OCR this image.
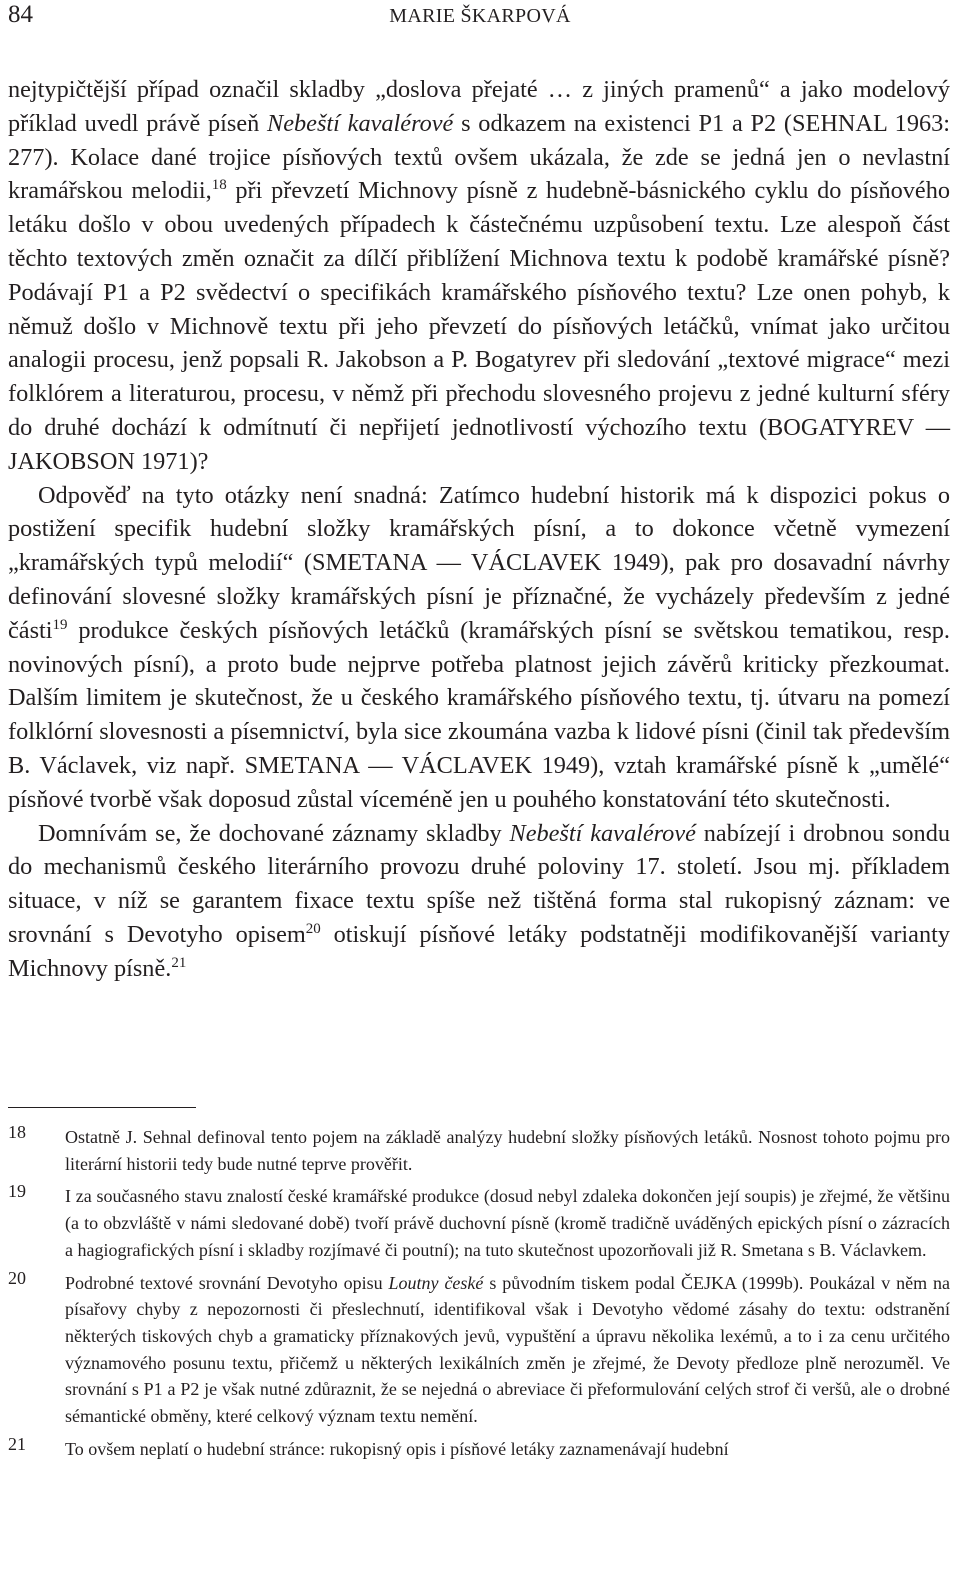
84	MARIE ŠKARPOVÁ

nejtypičtější případ označil skladby „doslova přejaté … z jiných pramenů“ a jako modelový příklad uvedl právě píseň Nebeští kavalérové s odkazem na existenci P1 a P2 (SEHNAL 1963: 277). Kolace dané trojice písňových textů ovšem ukázala, že zde se jedná jen o nevlastní kramářskou melodii,$^{18}$ při převzetí Michnovy písně z hudebně-básnického cyklu do písňového letáku došlo v obou uvedených případech k částečnému uzpůsobení textu. Lze alespoň část těchto textových změn označit za dílčí přiblížení Michnova textu k podobě kramářské písně? Podávají P1 a P2 svědectví o specifikách kramářského písňového textu? Lze onen pohyb, k němuž došlo v Michnově textu při jeho převzetí do písňových letáčků, vnímat jako určitou analogii procesu, jenž popsali R. Jakobson a P. Bogatyrev při sledování „textové migrace“ mezi folklórem a literaturou, procesu, v němž při přechodu slovesného projevu z jedné kulturní sféry do druhé dochází k odmítnutí či nepřijetí jednotlivostí výchozího textu (BOGATYREV — JAKOBSON 1971)?

Odpověď na tyto otázky není snadná: Zatímco hudební historik má k dispozici pokus o postižení specifik hudební složky kramářských písní, a to dokonce včetně vymezení „kramářských typů melodií“ (SMETANA — VÁCLAVEK 1949), pak pro dosavadní návrhy definování slovesné složky kramářských písní je příznačné, že vycházely především z jedné části$^{19}$ produkce českých písňových letáčků (kramářských písní se světskou tematikou, resp. novinových písní), a proto bude nejprve potřeba platnost jejich závěrů kriticky přezkoumat. Dalším limitem je skutečnost, že u českého kramářského písňového textu, tj. útvaru na pomezí folklórní slovesnosti a písemnictví, byla sice zkoumána vazba k lidové písni (činil tak především B. Václavek, viz např. SMETANA — VÁCLAVEK 1949), vztah kramářské písně k „umělé“ písňové tvorbě však doposud zůstal víceméně jen u pouhého konstatování této skutečnosti.

Domnívám se, že dochované záznamy skladby Nebeští kavalérové nabízejí i drobnou sondu do mechanismů českého literárního provozu druhé poloviny 17. století. Jsou mj. příkladem situace, v níž se garantem fixace textu spíše než tištěná forma stal rukopisný záznam: ve srovnání s Devotyho opisem$^{20}$ otiskují písňové letáky podstatněji modifikovanější varianty Michnovy písně.$^{21}$

18 Ostatně J. Sehnal definoval tento pojem na základě analýzy hudební složky písňových letáků. Nosnost tohoto pojmu pro literární historii tedy bude nutné teprve prověřit.
19 I za současného stavu znalostí české kramářské produkce (dosud nebyl zdaleka dokončen její soupis) je zřejmé, že většinu (a to obzvláště v námi sledované době) tvoří právě duchovní písně (kromě tradičně uváděných epických písní o zázracích a hagiografických písní i skladby rozjímavé či poutní); na tuto skutečnost upozorňovali již R. Smetana s B. Václavkem.
20 Podrobné textové srovnání Devotyho opisu Loutny české s původním tiskem podal ČEJKA (1999b). Poukázal v něm na písařovy chyby z nepozornosti či přeslechnutí, identifikoval však i Devotyho vědomé zásahy do textu: odstranění některých tiskových chyb a gramaticky příznakových jevů, vypuštění a úpravu několika lexémů, a to i za cenu určitého významového posunu textu, přičemž u některých lexikálních změn je zřejmé, že Devoty předloze plně nerozuměl. Ve srovnání s P1 a P2 je však nutné zdůraznit, že se nejedná o abreviace či přeformulování celých strof či veršů, ale o drobné sémantické obměny, které celkový význam textu nemění.
21 To ovšem neplatí o hudební stránce: rukopisný opis i písňové letáky zaznamenávají hudební
